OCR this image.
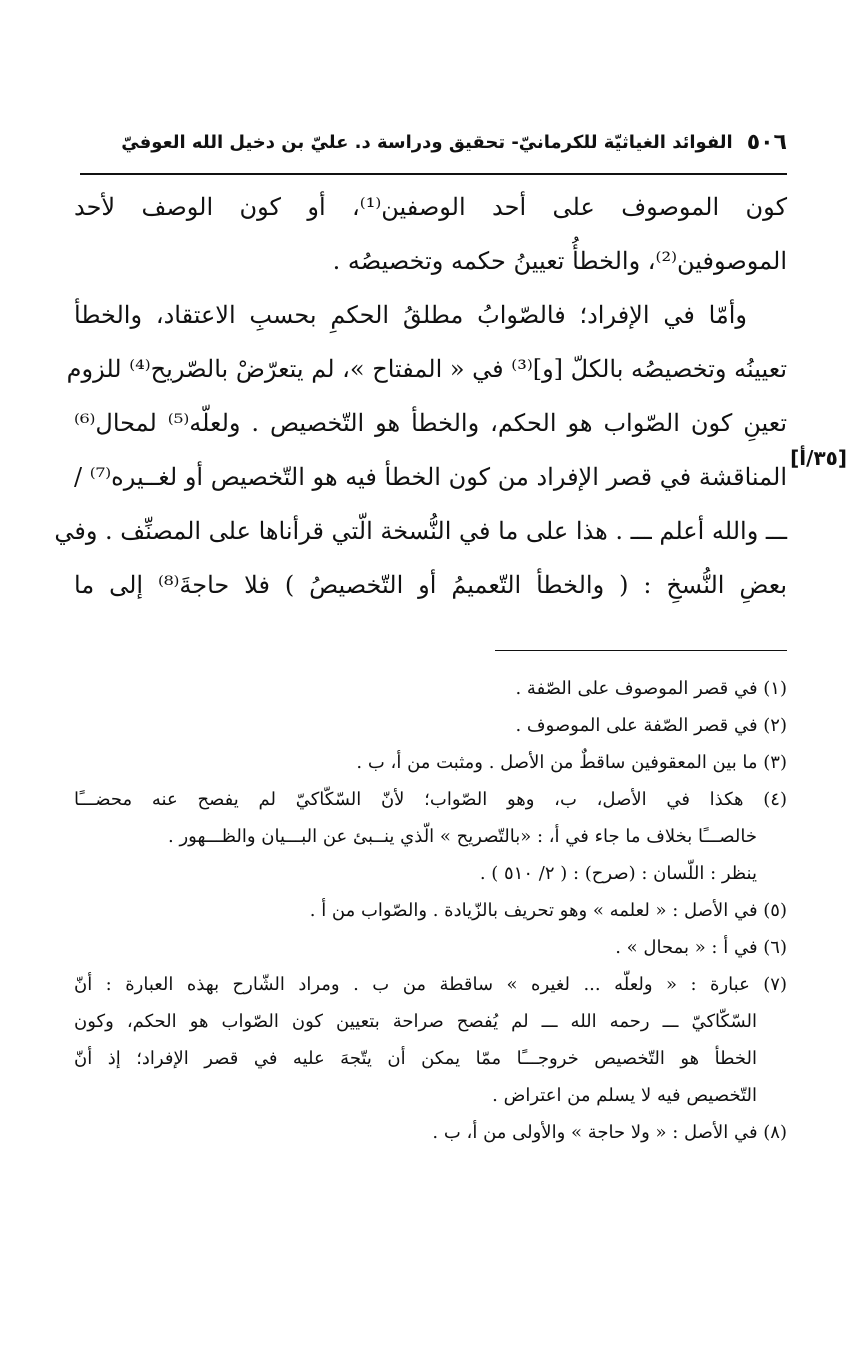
٥٠٦
الفوائد الغياثيّة للكرمانيّ- تحقيق ودراسة د. عليّ بن دخيل الله العوفيّ
كون الموصوف على أحد الوصفين⁽¹⁾، أو كون الوصف لأحد
الموصوفين⁽²⁾، والخطأُ تعيينُ حكمه وتخصيصُه .
وأمّا في الإفراد؛ فالصّوابُ مطلقُ الحكمِ بحسبِ الاعتقاد، والخطأ
تعيينُه وتخصيصُه بالكلّ [و]⁽³⁾ في « المفتاح »، لم يتعرّضْ بالصّريح⁽⁴⁾ للزوم
تعينِ كون الصّواب هو الحكم، والخطأ هو التّخصيص . ولعلّه⁽⁵⁾ لمحال⁽⁶⁾
المناقشة في قصر الإفراد من كون الخطأ فيه هو التّخصيص أو لغــيره⁽⁷⁾ /
ـــ والله أعلم ـــ . هذا على ما في النُّسخة الّتي قرأناها على المصنِّف . وفي
بعضِ النُّسخِ : ( والخطأ التّعميمُ أو التّخصيصُ ) فلا حاجةَ⁽⁸⁾ إلى ما
[٣٥/أ]
(١) في قصر الموصوف على الصّفة .
(٢) في قصر الصّفة على الموصوف .
(٣) ما بين المعقوفين ساقطٌ من الأصل . ومثبت من أ، ب .
(٤) هكذا في الأصل، ب، وهو الصّواب؛ لأنّ السّكّاكيّ لم يفصح عنه محضـــًا
خالصـــًا بخلاف ما جاء في أ، : «بالتّصريح » الّذي ينــبئ عن البـــيان والظـــهور .
ينظر : اللّسان : (صرح) : ( ٢/ ٥١٠ ) .
(٥) في الأصل : « لعلمه » وهو تحريف بالزّيادة . والصّواب من أ .
(٦) في أ : « بمحال » .
(٧) عبارة : « ولعلّه ... لغيره » ساقطة من ب . ومراد الشّارح بهذه العبارة : أنّ
السّكّاكيّ ـــ رحمه الله ـــ لم يُفصح صراحة بتعيين كون الصّواب هو الحكم، وكون
الخطأ هو التّخصيص خروجـــًا ممّا يمكن أن يتّجهَ عليه في قصر الإفراد؛ إذ أنّ
التّخصيص فيه لا يسلم من اعتراض .
(٨) في الأصل : « ولا حاجة » والأولى من أ، ب .
